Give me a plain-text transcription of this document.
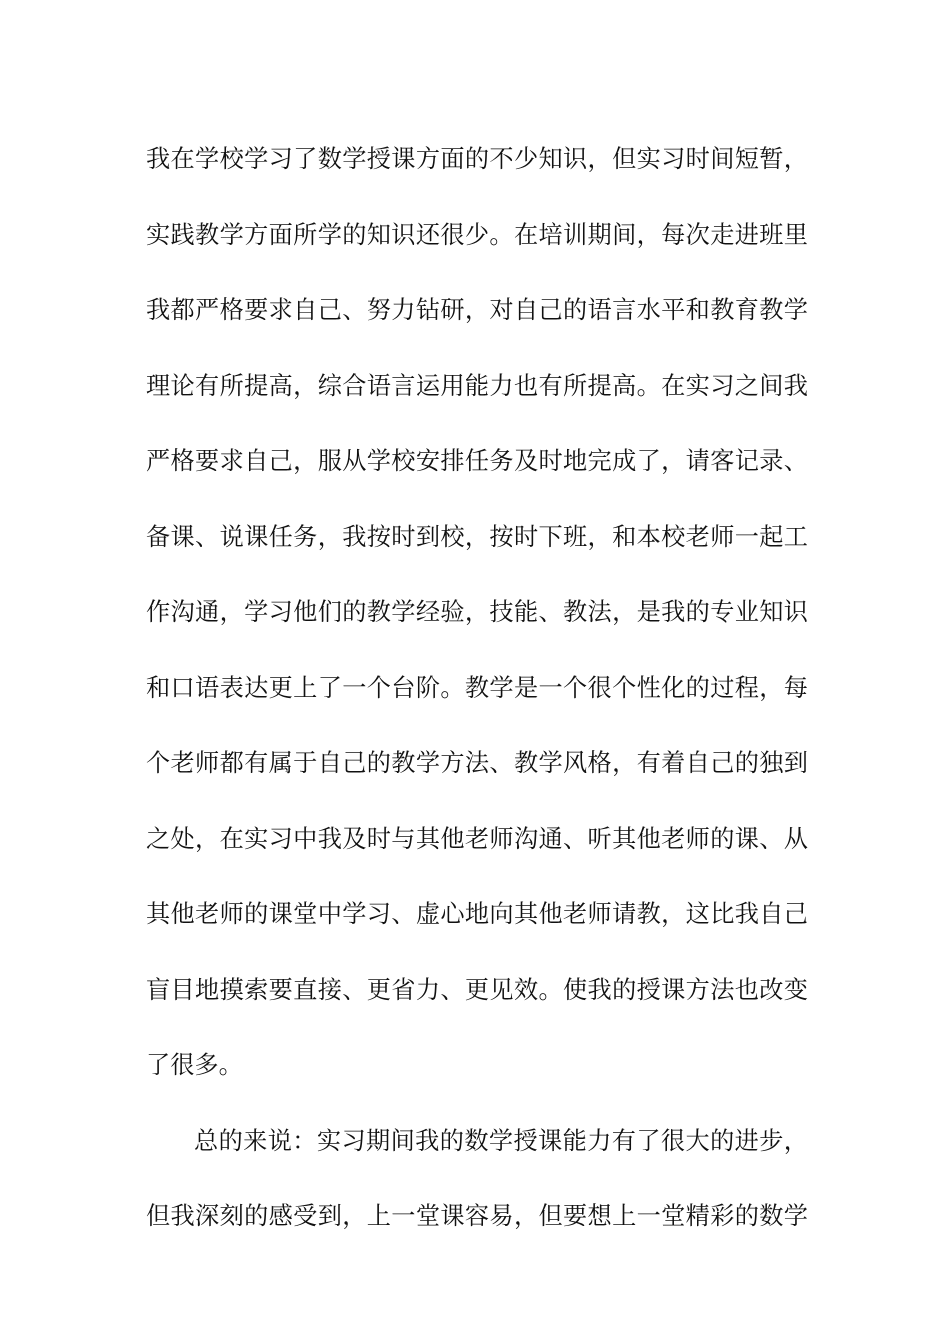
我在学校学习了数学授课方面的不少知识，但实习时间短暂，
实践教学方面所学的知识还很少。在培训期间，每次走进班里
我都严格要求自己、努力钻研，对自己的语言水平和教育教学
理论有所提高，综合语言运用能力也有所提高。在实习之间我
严格要求自己，服从学校安排任务及时地完成了，请客记录、
备课、说课任务，我按时到校，按时下班，和本校老师一起工
作沟通，学习他们的教学经验，技能、教法，是我的专业知识
和口语表达更上了一个台阶。教学是一个很个性化的过程，每
个老师都有属于自己的教学方法、教学风格，有着自己的独到
之处，在实习中我及时与其他老师沟通、听其他老师的课、从
其他老师的课堂中学习、虚心地向其他老师请教，这比我自己
盲目地摸索要直接、更省力、更见效。使我的授课方法也改变
了很多。
总的来说：实习期间我的数学授课能力有了很大的进步，
但我深刻的感受到，上一堂课容易，但要想上一堂精彩的数学
